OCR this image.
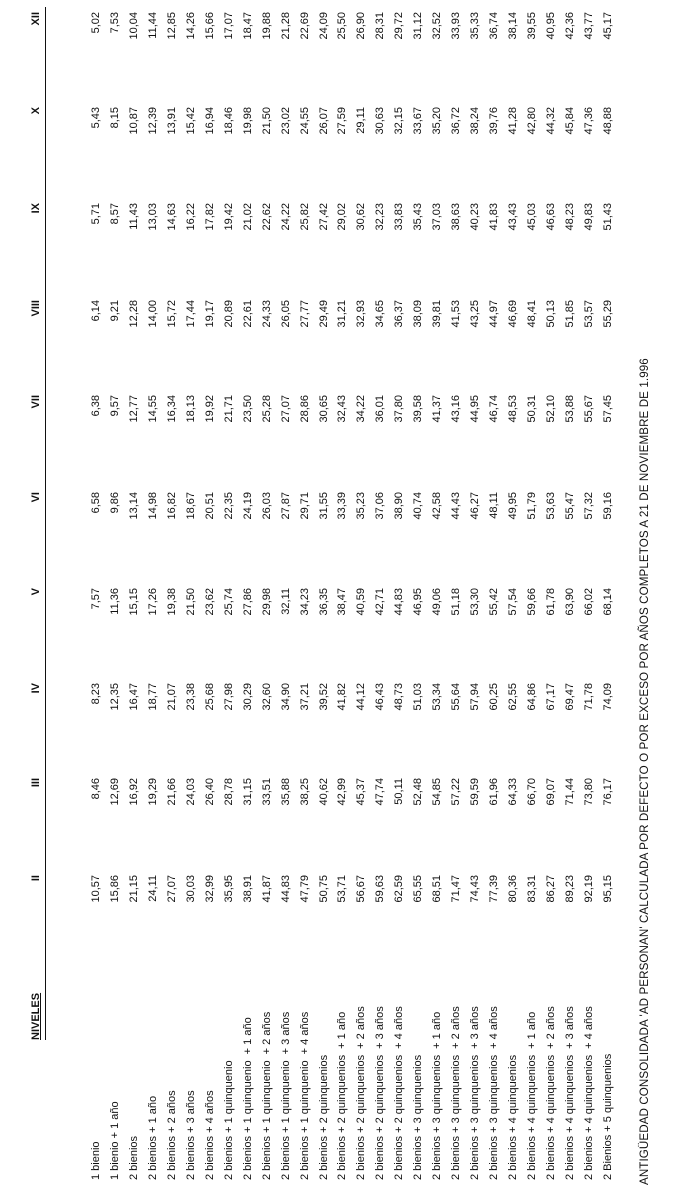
NIVELES
II
III
IV
V
VI
VII
VIII
IX
X
XII
1 bienio
10,57
8,46
8,23
7,57
6,58
6,38
6,14
5,71
5,43
5,02
1 bienio + 1 año
15,86
12,69
12,35
11,36
9,86
9,57
9,21
8,57
8,15
7,53
2 bienios
21,15
16,92
16,47
15,15
13,14
12,77
12,28
11,43
10,87
10,04
2 bienios + 1 año
24,11
19,29
18,77
17,26
14,98
14,55
14,00
13,03
12,39
11,44
2 bienios + 2 años
27,07
21,66
21,07
19,38
16,82
16,34
15,72
14,63
13,91
12,85
2 bienios + 3 años
30,03
24,03
23,38
21,50
18,67
18,13
17,44
16,22
15,42
14,26
2 bienios + 4 años
32,99
26,40
25,68
23,62
20,51
19,92
19,17
17,82
16,94
15,66
2 bienios + 1 quinquenio
35,95
28,78
27,98
25,74
22,35
21,71
20,89
19,42
18,46
17,07
2 bienios + 1 quinquenio  + 1 año
38,91
31,15
30,29
27,86
24,19
23,50
22,61
21,02
19,98
18,47
2 bienios + 1 quinquenio  + 2 años
41,87
33,51
32,60
29,98
26,03
25,28
24,33
22,62
21,50
19,88
2 bienios + 1 quinquenio  + 3 años
44,83
35,88
34,90
32,11
27,87
27,07
26,05
24,22
23,02
21,28
2 bienios + 1 quinquenio  + 4 años
47,79
38,25
37,21
34,23
29,71
28,86
27,77
25,82
24,55
22,69
2 bienios + 2 quinquenios
50,75
40,62
39,52
36,35
31,55
30,65
29,49
27,42
26,07
24,09
2 bienios + 2 quinquenios  + 1 año
53,71
42,99
41,82
38,47
33,39
32,43
31,21
29,02
27,59
25,50
2 bienios + 2 quinquenios  + 2 años
56,67
45,37
44,12
40,59
35,23
34,22
32,93
30,62
29,11
26,90
2 bienios + 2 quinquenios  + 3 años
59,63
47,74
46,43
42,71
37,06
36,01
34,65
32,23
30,63
28,31
2 bienios + 2 quinquenios  + 4 años
62,59
50,11
48,73
44,83
38,90
37,80
36,37
33,83
32,15
29,72
2 bienios + 3 quinquenios
65,55
52,48
51,03
46,95
40,74
39,58
38,09
35,43
33,67
31,12
2 bienios + 3 quinquenios  + 1 año
68,51
54,85
53,34
49,06
42,58
41,37
39,81
37,03
35,20
32,52
2 bienios + 3 quinquenios  + 2 años
71,47
57,22
55,64
51,18
44,43
43,16
41,53
38,63
36,72
33,93
2 bienios + 3 quinquenios  + 3 años
74,43
59,59
57,94
53,30
46,27
44,95
43,25
40,23
38,24
35,33
2 bienios + 3 quinquenios  + 4 años
77,39
61,96
60,25
55,42
48,11
46,74
44,97
41,83
39,76
36,74
2 bienios + 4 quinquenios
80,36
64,33
62,55
57,54
49,95
48,53
46,69
43,43
41,28
38,14
2 bienios + 4 quinquenios  + 1 año
83,31
66,70
64,86
59,66
51,79
50,31
48,41
45,03
42,80
39,55
2 bienios + 4 quinquenios  + 2 años
86,27
69,07
67,17
61,78
53,63
52,10
50,13
46,63
44,32
40,95
2 bienios + 4 quinquenios  + 3 años
89,23
71,44
69,47
63,90
55,47
53,88
51,85
48,23
45,84
42,36
2 bienios + 4 quinquenios  + 4 años
92,19
73,80
71,78
66,02
57,32
55,67
53,57
49,83
47,36
43,77
2 Bienios + 5 quinquenios
95,15
76,17
74,09
68,14
59,16
57,45
55,29
51,43
48,88
45,17
ANTIGÜEDAD CONSOLIDADA 'AD PERSONAN' CALCULADA POR DEFECTO O POR EXCESO POR AÑOS COMPLETOS A 21 DE NOVIEMBRE DE 1.996
